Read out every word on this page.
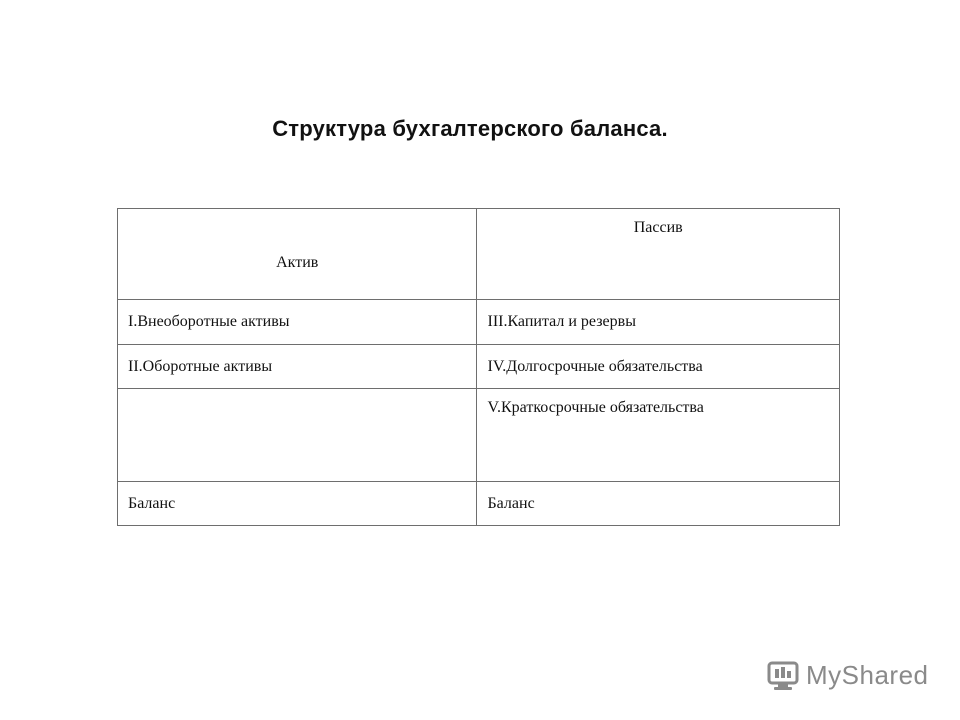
Структура бухгалтерского баланса.
Актив	Пассив
I.Внеоборотные активы	III.Капитал и резервы
II.Оборотные активы	IV.Долгосрочные обязательства
	V.Краткосрочные обязательства
Баланс	Баланс
MyShared
